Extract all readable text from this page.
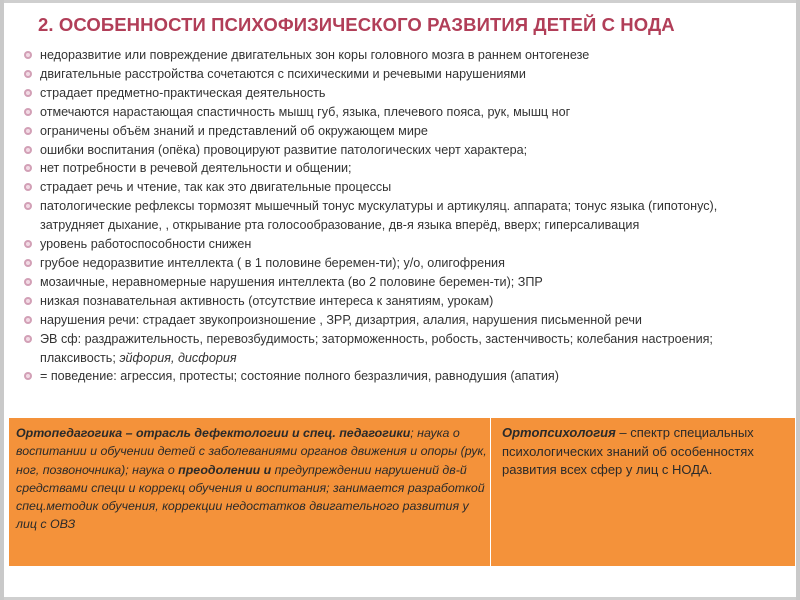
2. ОСОБЕННОСТИ ПСИХОФИЗИЧЕСКОГО РАЗВИТИЯ ДЕТЕЙ С НОДА
недоразвитие или повреждение двигательных зон коры головного мозга в раннем онтогенезе
двигательные расстройства сочетаются с психическими и речевыми нарушениями
страдает предметно-практическая деятельность
отмечаются нарастающая спастичность мышц губ, языка, плечевого пояса, рук, мышц ног
ограничены объём знаний и представлений об окружающем мире
ошибки воспитания (опёка) провоцируют развитие патологических черт характера;
нет потребности в речевой деятельности и общении;
страдает речь и чтение, так как это двигательные процессы
патологические рефлексы тормозят мышечный тонус мускулатуры и артикуляц. аппарата; тонус языка (гипотонус), затрудняет дыхание, , открывание рта голосообразование, дв-я языка вперёд, вверх; гиперсаливация
уровень работоспособности снижен
грубое недоразвитие интеллекта ( в 1 половине беремен-ти); у/о, олигофрения
мозаичные, неравномерные нарушения интеллекта (во 2 половине беремен-ти); ЗПР
низкая познавательная активность (отсутствие интереса к занятиям, урокам)
нарушения речи: страдает звукопроизношение , ЗРР, дизартрия, алалия, нарушения письменной речи
ЭВ сф: раздражительность, перевозбудимость; заторможенность, робость, застенчивость; колебания настроения; плаксивость; эйфория, дисфория
= поведение: агрессия, протесты; состояние полного безразличия, равнодушия (апатия)
Ортопедагогика – отрасль дефектологии и спец. педагогики; наука о воспитании и обучении детей с заболеваниями органов движения и опоры (рук, ног, позвоночника); наука о преодолении и предупреждении нарушений дв-й средствами специ и коррекц обучения и воспитания; занимается разработкой спец.методик обучения, коррекции недостатков двигательного развития у лиц с ОВЗ
Ортопсихология – спектр специальных психологических знаний об особенностях развития всех сфер у лиц с НОДА.
